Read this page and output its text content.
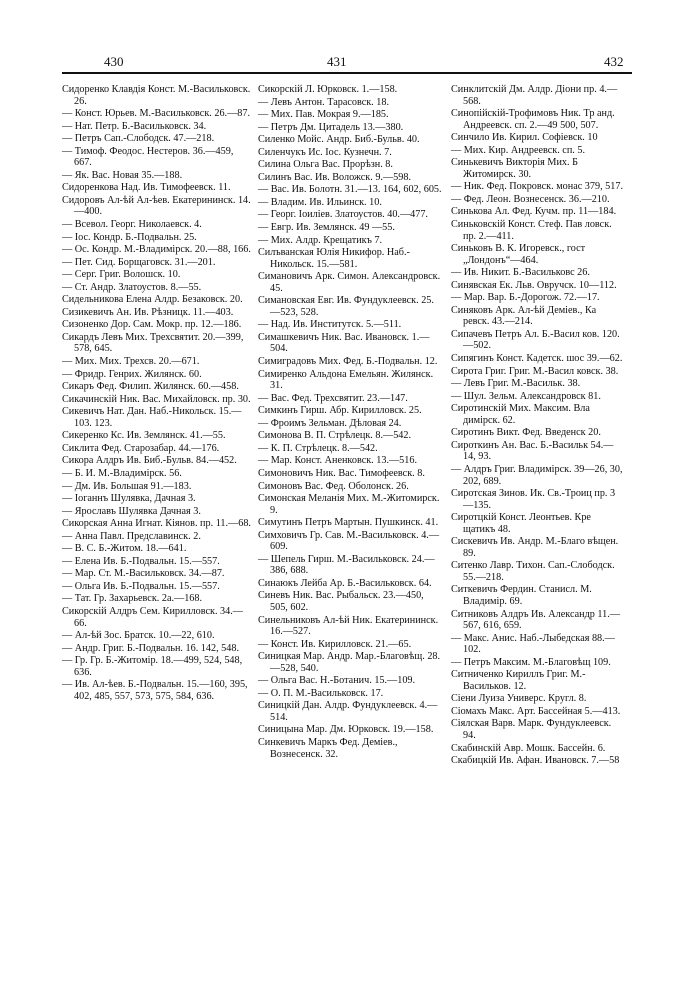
430	431	432
Сидоренко Клавдія Конст. М.-Васильковск. 26.
— Конст. Юрьев. М.-Васильковск. 26.—87.
— Нат. Петр. Б.-Васильковск. 34.
— Петръ Сап.-Слободск. 47.—218.
— Тимоф. Феодос. Нестеров. 36.—459, 667.
— Як. Вас. Новая 35.—188.
Сидоренкова Над. Ив. Тимофеевск. 11.
Сидоровъ Ал-ѣй Ал-ѣев. Екатерининск. 14.—400.
— Всевол. Георг. Николаевск. 4.
— Іос. Кондр. Б.-Подвальн. 25.
— Ос. Кондр. М.-Владимірск. 20.—88, 166.
— Пет. Сид. Борщаговск. 31.—201.
— Серг. Григ. Волошск. 10.
— Ст. Андр. Златоустов. 8.—55.
Сидельникова Елена Алдр. Безаковск. 20.
Сизикевичъ Ан. Ив. Рѣзницк. 11.—403.
Сизоненко Дор. Сам. Мокр. пр. 12.—186.
Сикардъ Левъ Мих. Трехсвятит. 20.—399, 578, 645.
— Мих. Мих. Трехсв. 20.—671.
— Фридр. Генрих. Жилянск. 60.
Сикаръ Фед. Филип. Жилянск. 60.—458.
Сикачинскій Ник. Вас. Михайловск. пр. 30.
Сикевичъ Нат. Дан. Наб.-Никольск. 15.—103. 123.
Сикеренко Кс. Ив. Землянск. 41.—55.
Сиклита Фед. Старозабар. 44.—176.
Сикора Алдръ Ив. Биб.-Бульв. 84.—452.
— Б. И. М.-Владимірск. 56.
— Дм. Ив. Большая 91.—183.
— Іоганнъ Шулявка, Дачная 3.
— Ярославъ Шулявка Дачная 3.
Сикорская Анна Игнат. Кіянов. пр. 11.—68.
— Анна Павл. Предславинск. 2.
— В. С. Б.-Житом. 18.—641.
— Елена Ив. Б.-Подвальн. 15.—557.
— Мар. Ст. М.-Васильковск. 34.—87.
— Ольга Ив. Б.-Подвальн. 15.—557.
— Тат. Гр. Захарьевск. 2а.—168.
Сикорскій Алдръ Сем. Кирилловск. 34.—66.
— Ал-ѣй Зос. Братск. 10.—22, 610.
— Андр. Григ. Б.-Подвальн. 16. 142, 548.
— Гр. Гр. Б.-Житомір. 18.—499, 524, 548, 636.
— Ив. Ал-ѣев. Б.-Подвальн. 15.—160, 395, 402, 485, 557, 573, 575, 584, 636.
Сикорскій Л. Юрковск. 1.—158.
— Левъ Антон. Тарасовск. 18.
— Мих. Пав. Мокрая 9.—185.
— Петръ Дм. Цитадель 13.—380.
Силенко Мойс. Андр. Биб.-Бульв. 40.
Силенчукъ Ис. Іос. Кузнечн. 7.
Силина Ольга Вас. Прорѣзн. 8.
Силинъ Вас. Ив. Воложск. 9.—598.
— Вас. Ив. Болотн. 31.—13. 164, 602, 605.
— Владим. Ив. Ильинск. 10.
— Георг. Іоиліев. Златоустов. 40.—477.
— Евгр. Ив. Землянск. 49 —55.
— Мих. Алдр. Крещатикъ 7.
Силъванская Юлія Никифор. Наб.-Никольск. 15.—581.
Симановичъ Арк. Симон. Александровск. 45.
Симановская Евг. Ив. Фундуклеевск. 25.—523, 528.
— Над. Ив. Институтск. 5.—511.
Симашкевичъ Ник. Вас. Ивановск. 1.—504.
Симиградовъ Мих. Фед. Б.-Подвальн. 12.
Симиренко Альдона Емельян. Жилянск. 31.
— Вас. Фед. Трехсвятит. 23.—147.
Симкинъ Гирш. Абр. Кирилловск. 25.
— Фроимъ Зельман. Дѣловая 24.
Симонова В. П. Стрѣлецк. 8.—542.
— К. П. Стрѣлецк. 8.—542.
— Мар. Конст. Аненковск. 13.—516.
Симоновичъ Ник. Вас. Тимофеевск. 8.
Симоновъ Вас. Фед. Оболонск. 26.
Симонская Меланія Мих. М.-Житомирск. 9.
Симутинъ Петръ Мартын. Пушкинск. 41.
Симховичъ Гр. Сав. М.-Васильковск. 4.—609.
— Шепель Гирш. М.-Васильковск. 24.—386, 688.
Синаюкъ Лейба Ар. Б.-Васильковск. 64.
Синевъ Ник. Вас. Рыбальск. 23.—450, 505, 602.
Синельниковъ Ал-ѣй Ник. Екатерининск. 16.—527.
— Конст. Ив. Кирилловск. 21.—65.
Синицкая Мар. Андр. Мар.-Благовѣщ. 28.—528, 540.
— Ольга Вас. Н.-Ботанич. 15.—109.
— О. П. М.-Васильковск. 17.
Синицкій Дан. Алдр. Фундуклеевск. 4.—514.
Синицына Мар. Дм. Юрковск. 19.—158.
Синкевичъ Маркъ Фед. Деміев., Вознесенск. 32.
Синклитскій Дм. Алдр. Діони пр. 4.—568.
Синопійскій-Трофимовъ Ник. Тр анд. Андреевск. сп. 2.—49 500, 507.
Синчило Ив. Кирил. Софіевск. 10
— Мих. Кир. Андреевск. сп. 5.
Синькевичъ Викторія Мих. Б Житомирск. 30.
— Ник. Фед. Покровск. монас 379, 517.
— Фед. Леон. Вознесенск. 36.—210.
Синькова Ал. Фед. Кучм. пр. 11—184.
Синьковскій Конст. Стеф. Пав ловск. пр. 2.—411.
Синьковъ В. К. Игоревск., гост „Лондонъ“—464.
— Ив. Никит. Б.-Васильковс 26.
Синявская Ек. Льв. Овручск. 10—112.
— Мар. Вар. Б.-Дорогож. 72.—17.
Синяковъ Арк. Ал-ѣй Деміев., Ка ревск. 43.—214.
Сипачевъ Петръ Ал. Б.-Васил ков. 120.—502.
Сипягинъ Конст. Кадетск. шос 39.—62.
Сирота Григ. Григ. М.-Васил ковск. 38.
— Левъ Григ. М.-Васильк. 38.
— Шул. Зельм. Александровск 81.
Сиротинскій Мих. Максим. Вла димірск. 62.
Сиротинъ Викт. Фед. Введенск 20.
Сироткинъ Ан. Вас. Б.-Васильк 54.—14, 93.
— Алдръ Григ. Владимірск. 39—26, 30, 202, 689.
Сиротская Зинов. Ик. Св.-Троиц пр. 3 —135.
Сиротцкій Конст. Леонтьев. Кре щатикъ 48.
Сискевичъ Ив. Андр. М.-Благо вѣщен. 89.
Ситенко Лавр. Тихон. Сап.-Слободск. 55.—218.
Ситкевичъ Фердин. Станисл. М. Владимір. 69.
Ситниковъ Алдръ Ив. Александр 11.—567, 616, 659.
— Макс. Анис. Наб.-Лыбедская 88.—102.
— Петръ Максим. М.-Благовѣщ 109.
Ситниченко Кириллъ Григ. М.-Васильков. 12.
Сіени Луиза Универс. Кругл. 8.
Сіомахъ Макс. Арт. Бассейная 5.—413.
Сіялская Варв. Марк. Фундуклеевск. 94.
Скабинскій Авр. Мошк. Бассейн. 6.
Скабицкій Ив. Афан. Ивановск. 7.—58
